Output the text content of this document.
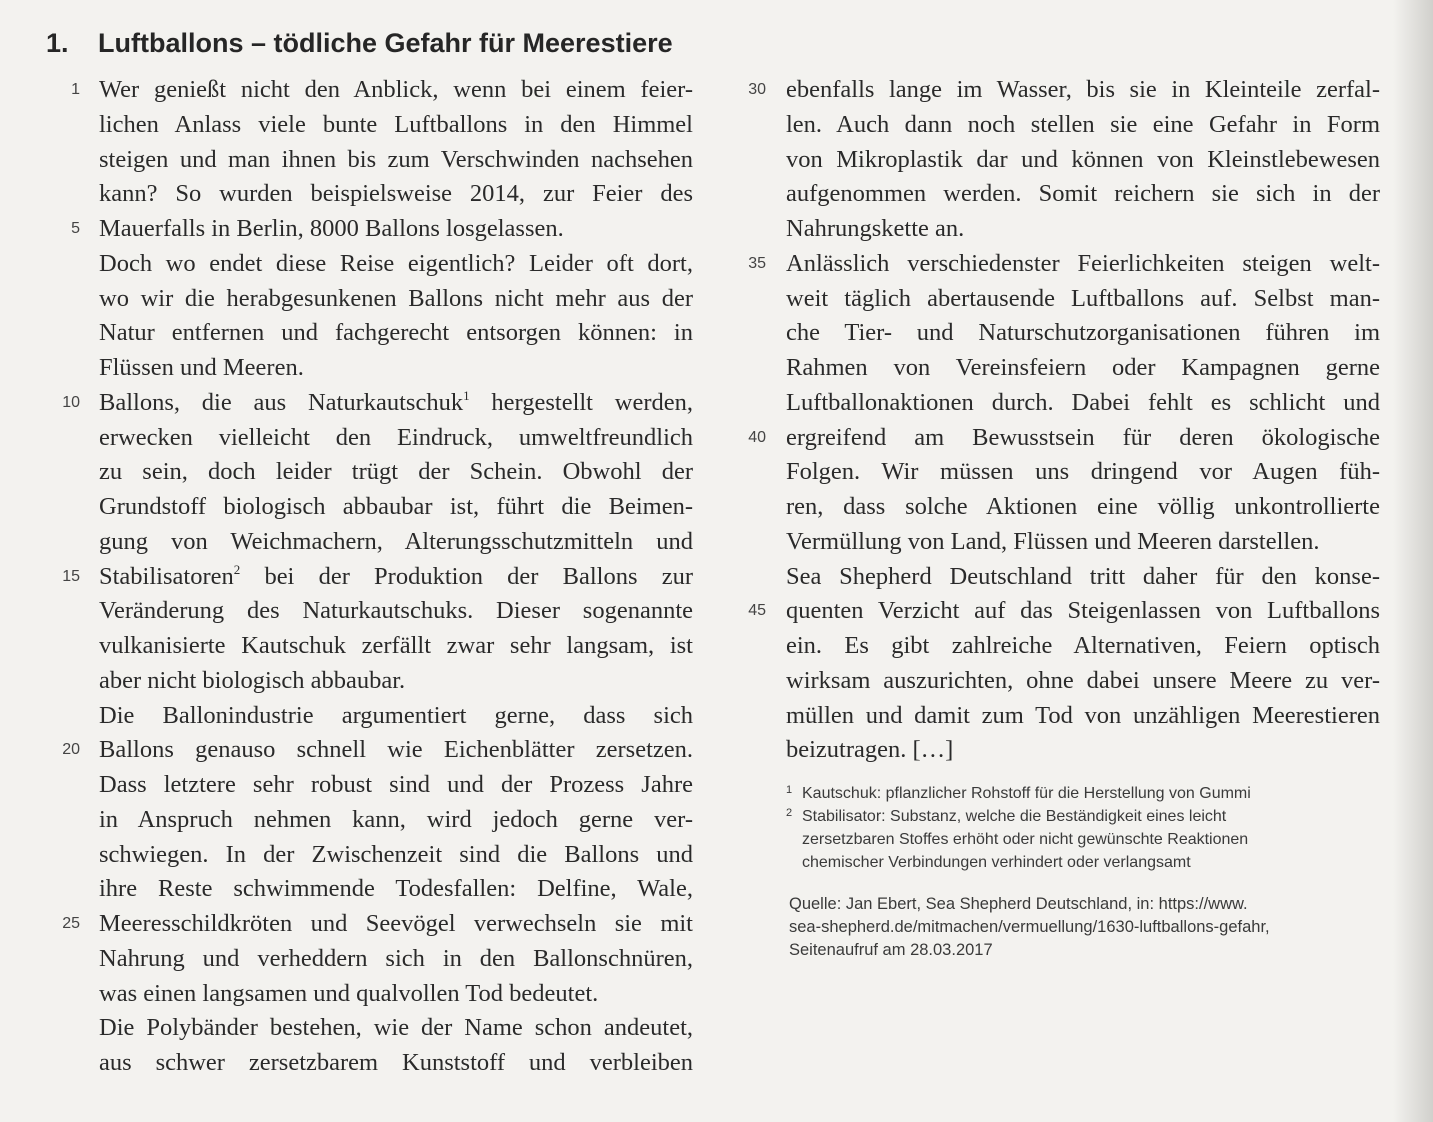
1. Luftballons – tödliche Gefahr für Meerestiere
1 Wer genießt nicht den Anblick, wenn bei einem feier-
lichen Anlass viele bunte Luftballons in den Himmel
steigen und man ihnen bis zum Verschwinden nachsehen
kann? So wurden beispielsweise 2014, zur Feier des
5 Mauerfalls in Berlin, 8000 Ballons losgelassen.
Doch wo endet diese Reise eigentlich? Leider oft dort,
wo wir die herabgesunkenen Ballons nicht mehr aus der
Natur entfernen und fachgerecht entsorgen können: in
Flüssen und Meeren.
10 Ballons, die aus Naturkautschuk$^1$ hergestellt werden,
erwecken vielleicht den Eindruck, umweltfreundlich
zu sein, doch leider trügt der Schein. Obwohl der
Grundstoff biologisch abbaubar ist, führt die Beimen-
gung von Weichmachern, Alterungsschutzmitteln und
15 Stabilisatoren$^2$ bei der Produktion der Ballons zur
Veränderung des Naturkautschuks. Dieser sogenannte
vulkanisierte Kautschuk zerfällt zwar sehr langsam, ist
aber nicht biologisch abbaubar.
Die Ballonindustrie argumentiert gerne, dass sich
20 Ballons genauso schnell wie Eichenblätter zersetzen.
Dass letztere sehr robust sind und der Prozess Jahre
in Anspruch nehmen kann, wird jedoch gerne ver-
schwiegen. In der Zwischenzeit sind die Ballons und
ihre Reste schwimmende Todesfallen: Delfine, Wale,
25 Meeresschildkröten und Seevögel verwechseln sie mit
Nahrung und verheddern sich in den Ballonschnüren,
was einen langsamen und qualvollen Tod bedeutet.
Die Polybänder bestehen, wie der Name schon andeutet,
aus schwer zersetzbarem Kunststoff und verbleiben
30 ebenfalls lange im Wasser, bis sie in Kleinteile zerfal-
len. Auch dann noch stellen sie eine Gefahr in Form
von Mikroplastik dar und können von Kleinstlebewesen
aufgenommen werden. Somit reichern sie sich in der
Nahrungskette an.
35 Anlässlich verschiedenster Feierlichkeiten steigen welt-
weit täglich abertausende Luftballons auf. Selbst man-
che Tier- und Naturschutzorganisationen führen im
Rahmen von Vereinsfeiern oder Kampagnen gerne
Luftballonaktionen durch. Dabei fehlt es schlicht und
40 ergreifend am Bewusstsein für deren ökologische
Folgen. Wir müssen uns dringend vor Augen füh-
ren, dass solche Aktionen eine völlig unkontrollierte
Vermüllung von Land, Flüssen und Meeren darstellen.
Sea Shepherd Deutschland tritt daher für den konse-
45 quenten Verzicht auf das Steigenlassen von Luftballons
ein. Es gibt zahlreiche Alternativen, Feiern optisch
wirksam auszurichten, ohne dabei unsere Meere zu ver-
müllen und damit zum Tod von unzähligen Meerestieren
beizutragen. […]
1 Kautschuk: pflanzlicher Rohstoff für die Herstellung von Gummi
2 Stabilisator: Substanz, welche die Beständigkeit eines leicht
zersetzbaren Stoffes erhöht oder nicht gewünschte Reaktionen
chemischer Verbindungen verhindert oder verlangsamt
Quelle: Jan Ebert, Sea Shepherd Deutschland, in: https://www.
sea-shepherd.de/mitmachen/vermuellung/1630-luftballons-gefahr,
Seitenaufruf am 28.03.2017
